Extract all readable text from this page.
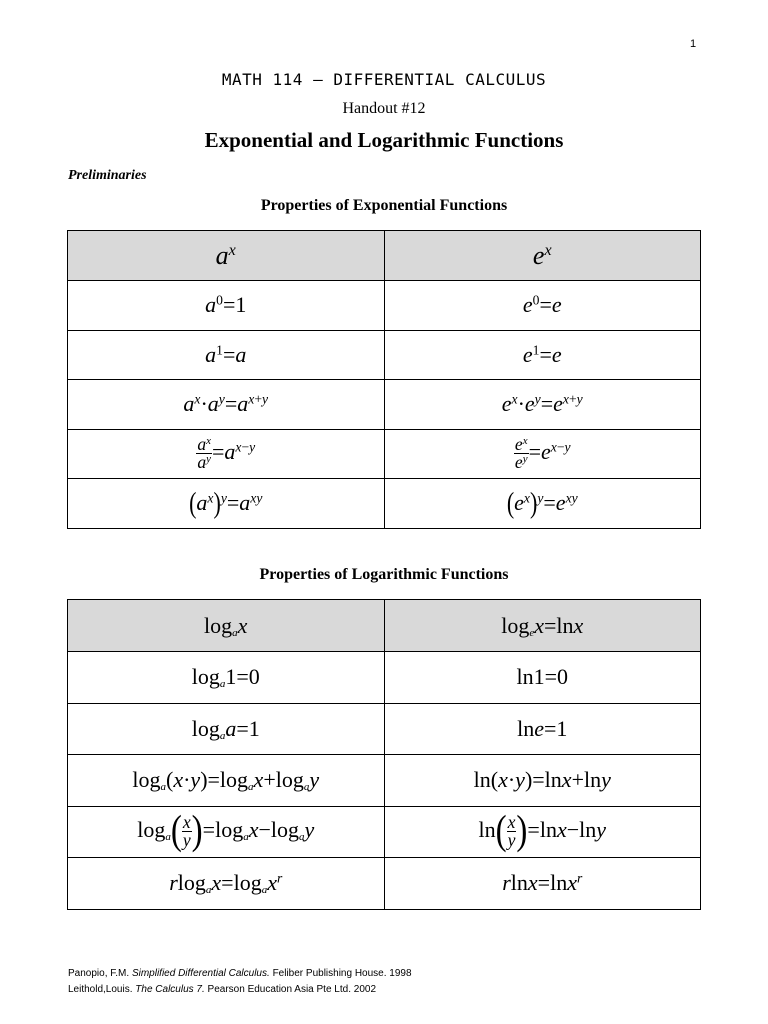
1
MATH 114 – DIFFERENTIAL CALCULUS
Handout #12
Exponential and Logarithmic Functions
Preliminaries
Properties of Exponential Functions
$a^x$	$e^x$
$a^0=1$	$e^0=e$
$a^1=a$	$e^1=e$
$a^x\cdot a^y=a^{x+y}$	$e^x\cdot e^y=e^{x+y}$

$\frac{a^x}{a^y} =a^{x-y}$	$\frac{e^x}{e^y} =e^{x-y}$
$(a^x)^y=a^{xy}$	$(e^x)^y=e^{xy}$
Properties of Logarithmic Functions
$\log_ax$	$\log_ex=\ln x$
$\log_a1=0$	ln1=0
$\log_aa=1$	lne=1
$\log_a(x\cdot y)=\log_ax+\log_ay$	ln(x·y)=lnx+lny
$\log_a( \frac{x}{y} )=\log_ax-\log_ay$	$\ln( \frac{x}{y} )=\ln x-\ln y$
$rlog_ax=\log_ax^r$	rlnx=lnx$^r$
Panopio, F.M. Simplified Differential Calculus. Feliber Publishing House. 1998
Leithold,Louis. The Calculus 7. Pearson Education Asia Pte Ltd. 2002
